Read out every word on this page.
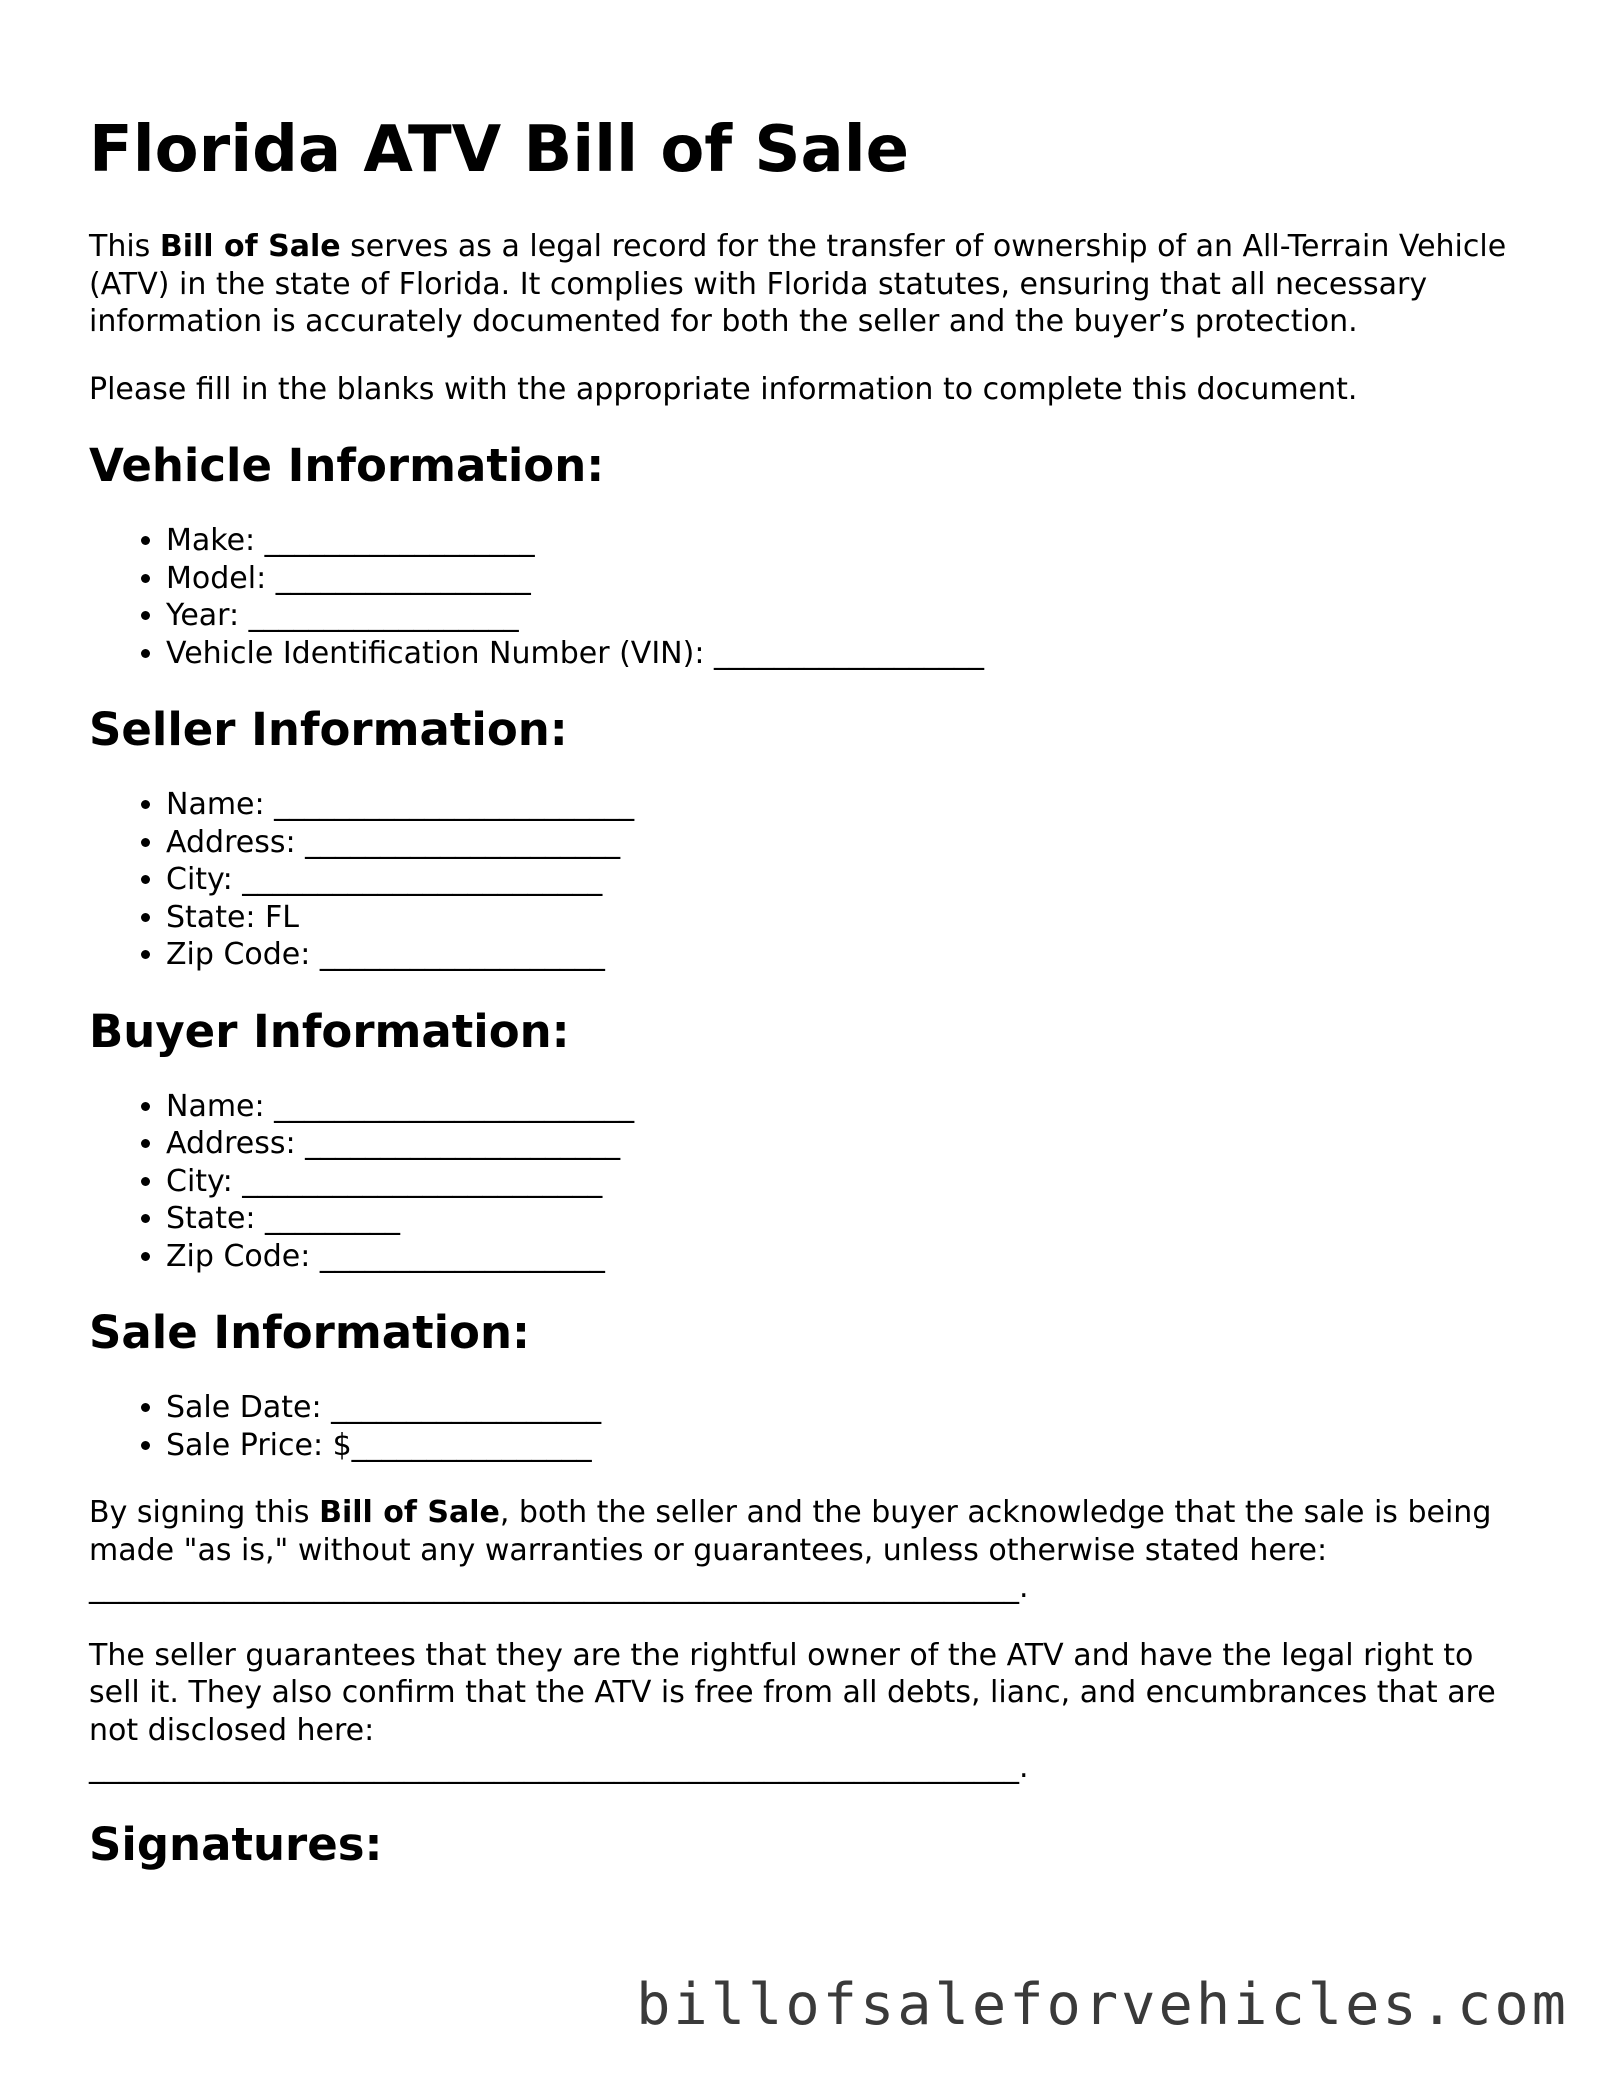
Florida ATV Bill of Sale

This Bill of Sale serves as a legal record for the transfer of ownership of an All-Terrain Vehicle (ATV) in the state of Florida. It complies with Florida statutes, ensuring that all necessary information is accurately documented for both the seller and the buyer’s protection.

Please fill in the blanks with the appropriate information to complete this document.

Vehicle Information:
• Make: __________________
• Model: _________________
• Year: __________________
• Vehicle Identification Number (VIN): __________________
Seller Information:
• Name: ________________________
• Address: _____________________
• City: ________________________
• State: FL
• Zip Code: ___________________
Buyer Information:
• Name: ________________________
• Address: _____________________
• City: ________________________
• State: _________
• Zip Code: ___________________
Sale Information:
• Sale Date: __________________
• Sale Price: $________________

By signing this Bill of Sale, both the seller and the buyer acknowledge that the sale is being made "as is," without any warranties or guarantees, unless otherwise stated here:
______________________________________________________________.

The seller guarantees that they are the rightful owner of the ATV and have the legal right to sell it. They also confirm that the ATV is free from all debts, lianc, and encumbrances that are not disclosed here:
______________________________________________________________.

Signatures:
billofsaleforvehicles.com
